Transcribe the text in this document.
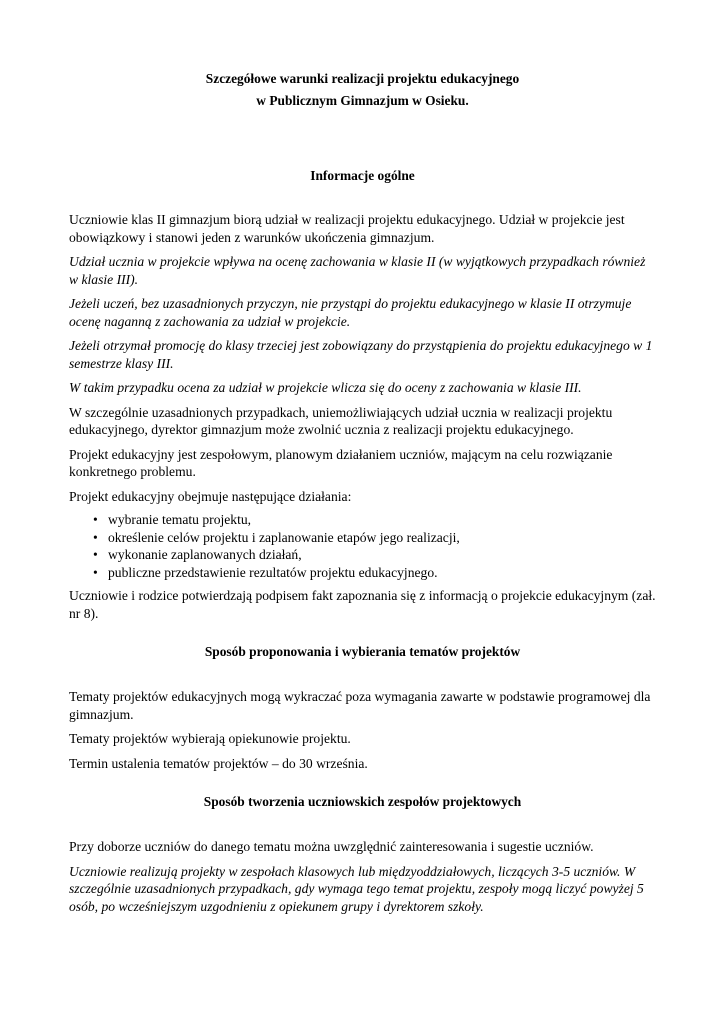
Szczegółowe warunki realizacji projektu edukacyjnego

w Publicznym Gimnazjum w Osieku.

Informacje ogólne

Uczniowie klas II gimnazjum biorą udział w realizacji projektu edukacyjnego. Udział w projekcie jest obowiązkowy i stanowi jeden z warunków ukończenia gimnazjum.

Udział ucznia w projekcie wpływa na ocenę zachowania w klasie II (w wyjątkowych przypadkach również w klasie III).

Jeżeli uczeń, bez uzasadnionych przyczyn, nie przystąpi do projektu edukacyjnego w klasie II otrzymuje ocenę naganną z zachowania za udział w projekcie.

Jeżeli otrzymał promocję do klasy trzeciej jest zobowiązany do przystąpienia do projektu edukacyjnego w 1 semestrze klasy III.

W takim przypadku ocena za udział w projekcie wlicza się do oceny z zachowania w klasie III.

W szczególnie uzasadnionych przypadkach, uniemożliwiających udział ucznia w realizacji projektu edukacyjnego, dyrektor gimnazjum może zwolnić ucznia z realizacji projektu edukacyjnego.

Projekt edukacyjny jest zespołowym, planowym działaniem uczniów, mającym na celu rozwiązanie konkretnego problemu.

Projekt edukacyjny obejmuje następujące działania:

• wybranie tematu projektu,
• określenie celów projektu i zaplanowanie etapów jego realizacji,
• wykonanie zaplanowanych działań,
• publiczne przedstawienie rezultatów projektu edukacyjnego.

Uczniowie i rodzice potwierdzają podpisem fakt zapoznania się z informacją o projekcie edukacyjnym (zał. nr 8).

Sposób proponowania i wybierania tematów projektów

Tematy projektów edukacyjnych mogą wykraczać poza wymagania zawarte w podstawie programowej dla gimnazjum.

Tematy projektów wybierają opiekunowie projektu.

Termin ustalenia tematów projektów – do 30 września.

Sposób tworzenia uczniowskich zespołów projektowych

Przy doborze uczniów do danego tematu można uwzględnić zainteresowania i sugestie uczniów.

Uczniowie realizują projekty w zespołach klasowych lub międzyoddziałowych, liczących 3-5 uczniów. W szczególnie uzasadnionych przypadkach, gdy wymaga tego temat projektu, zespoły mogą liczyć powyżej 5 osób, po wcześniejszym uzgodnieniu z opiekunem grupy i dyrektorem szkoły.
